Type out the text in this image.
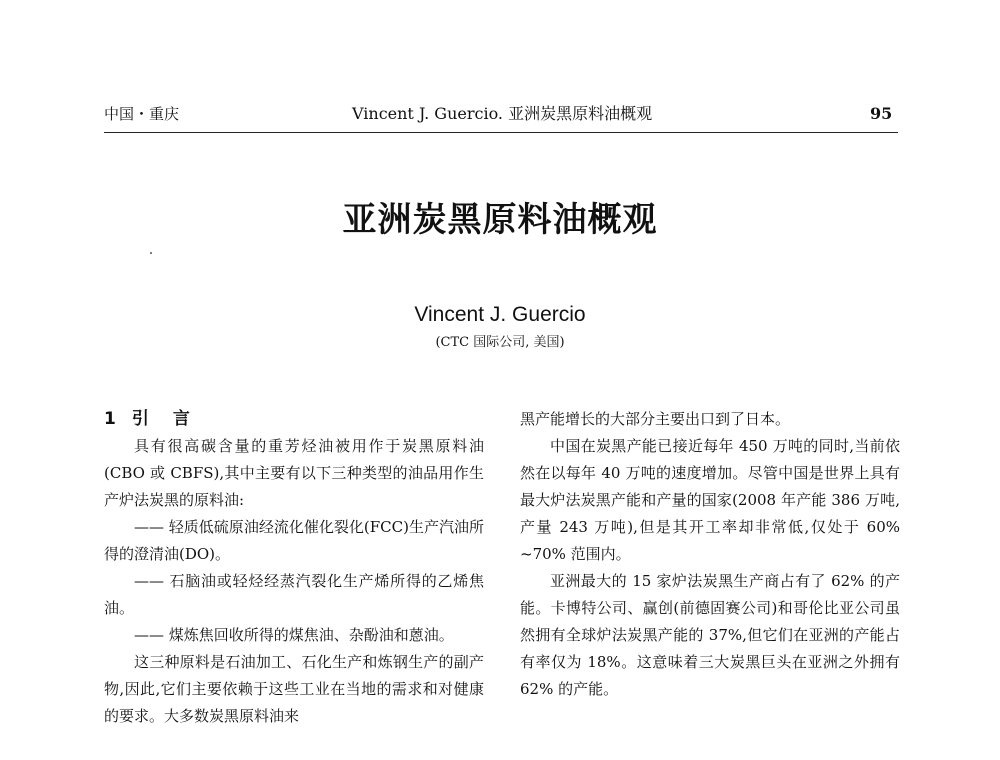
中国・重庆	Vincent J. Guercio. 亚洲炭黑原料油概观	95
亚洲炭黑原料油概观
Vincent J. Guercio
(CTC 国际公司, 美国)
1 引 言

具有很高碳含量的重芳烃油被用作于炭黑原料油(CBO 或 CBFS),其中主要有以下三种类型的油品用作生产炉法炭黑的原料油:

—— 轻质低硫原油经流化催化裂化(FCC)生产汽油所得的澄清油(DO)。

—— 石脑油或轻烃经蒸汽裂化生产烯所得的乙烯焦油。

—— 煤炼焦回收所得的煤焦油、杂酚油和蒽油。

这三种原料是石油加工、石化生产和炼钢生产的副产物,因此,它们主要依赖于这些工业在当地的需求和对健康的要求。大多数炭黑原料油来

黑产能增长的大部分主要出口到了日本。

中国在炭黑产能已接近每年 450 万吨的同时,当前依然在以每年 40 万吨的速度增加。尽管中国是世界上具有最大炉法炭黑产能和产量的国家(2008 年产能 386 万吨,产量 243 万吨),但是其开工率却非常低,仅处于 60% ~70% 范围内。

亚洲最大的 15 家炉法炭黑生产商占有了 62% 的产能。卡博特公司、赢创(前德固赛公司)和哥伦比亚公司虽然拥有全球炉法炭黑产能的 37%,但它们在亚洲的产能占有率仅为 18%。这意味着三大炭黑巨头在亚洲之外拥有 62% 的产能。
